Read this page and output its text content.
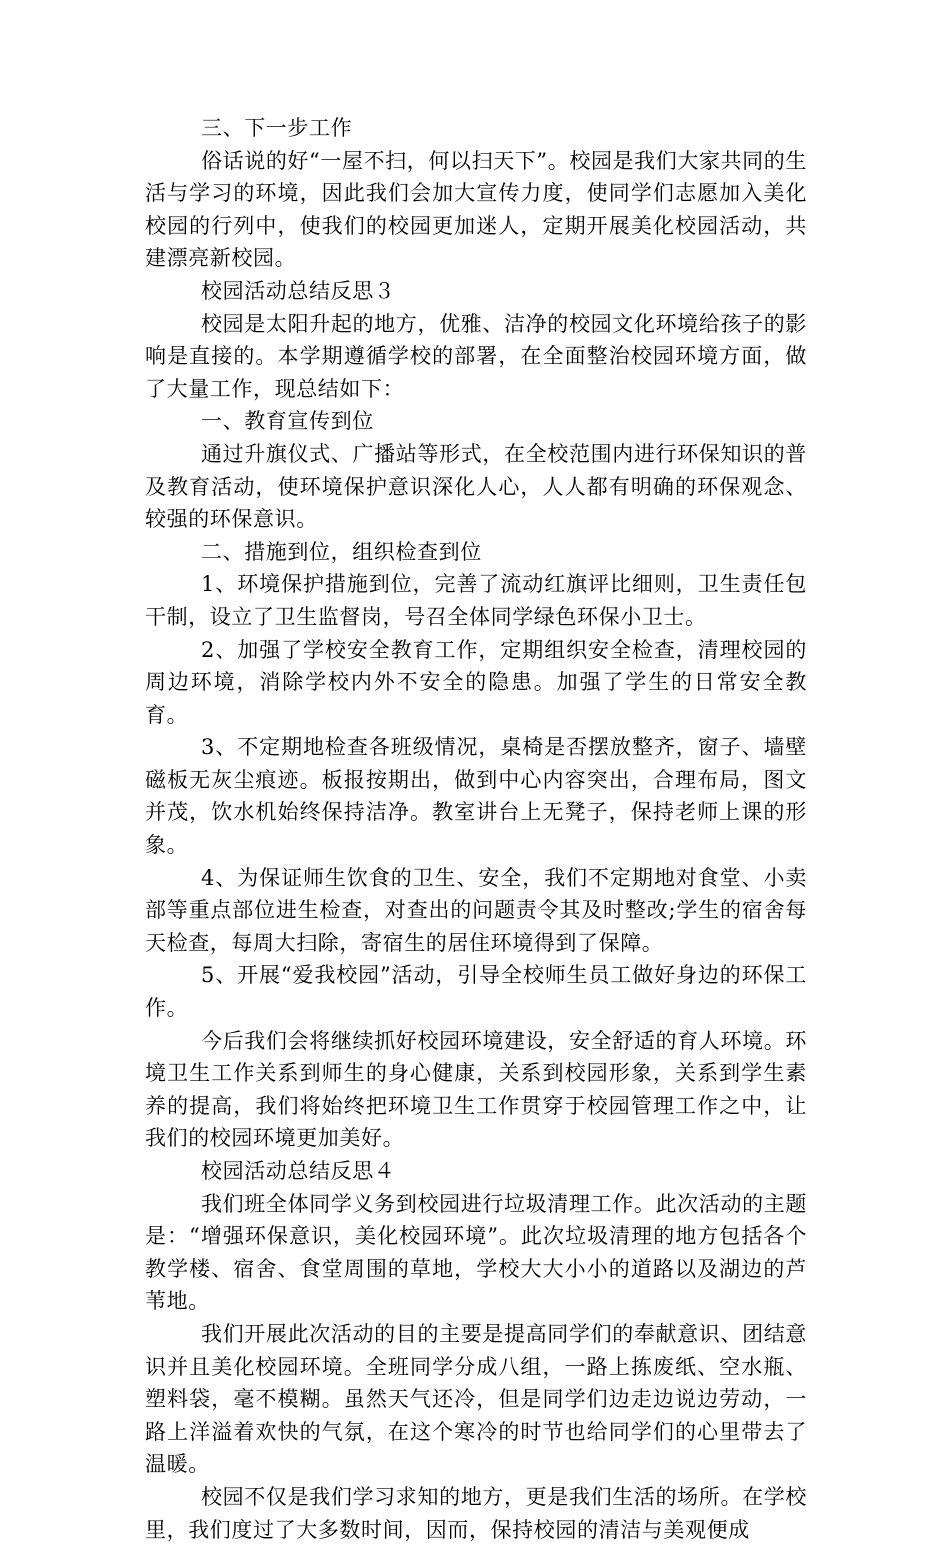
三、下一步工作

俗话说的好“一屋不扫，何以扫天下”。校园是我们大家共同的生活与学习的环境，因此我们会加大宣传力度，使同学们志愿加入美化校园的行列中，使我们的校园更加迷人，定期开展美化校园活动，共建漂亮新校园。

校园活动总结反思３

校园是太阳升起的地方，优雅、洁净的校园文化环境给孩子的影响是直接的。本学期遵循学校的部署，在全面整治校园环境方面，做了大量工作，现总结如下：

一、教育宣传到位

通过升旗仪式、广播站等形式，在全校范围内进行环保知识的普及教育活动，使环境保护意识深化人心，人人都有明确的环保观念、较强的环保意识。

二、措施到位，组织检查到位

1、环境保护措施到位，完善了流动红旗评比细则，卫生责任包干制，设立了卫生监督岗，号召全体同学绿色环保小卫士。

2、加强了学校安全教育工作，定期组织安全检查，清理校园的周边环境，消除学校内外不安全的隐患。加强了学生的日常安全教育。

3、不定期地检查各班级情况，桌椅是否摆放整齐，窗子、墙壁磁板无灰尘痕迹。板报按期出，做到中心内容突出，合理布局，图文并茂，饮水机始终保持洁净。教室讲台上无凳子，保持老师上课的形象。

4、为保证师生饮食的卫生、安全，我们不定期地对食堂、小卖部等重点部位进生检查，对查出的问题责令其及时整改;学生的宿舍每天检查，每周大扫除，寄宿生的居住环境得到了保障。

5、开展“爱我校园”活动，引导全校师生员工做好身边的环保工作。

今后我们会将继续抓好校园环境建设，安全舒适的育人环境。环境卫生工作关系到师生的身心健康，关系到校园形象，关系到学生素养的提高，我们将始终把环境卫生工作贯穿于校园管理工作之中，让我们的校园环境更加美好。

校园活动总结反思４

我们班全体同学义务到校园进行垃圾清理工作。此次活动的主题是：“增强环保意识，美化校园环境”。此次垃圾清理的地方包括各个教学楼、宿舍、食堂周围的草地，学校大大小小的道路以及湖边的芦苇地。

我们开展此次活动的目的主要是提高同学们的奉献意识、团结意识并且美化校园环境。全班同学分成八组，一路上拣废纸、空水瓶、塑料袋，毫不模糊。虽然天气还冷，但是同学们边走边说边劳动，一路上洋溢着欢快的气氛，在这个寒冷的时节也给同学们的心里带去了温暖。

校园不仅是我们学习求知的地方，更是我们生活的场所。在学校里，我们度过了大多数时间，因而，保持校园的清洁与美观便成
